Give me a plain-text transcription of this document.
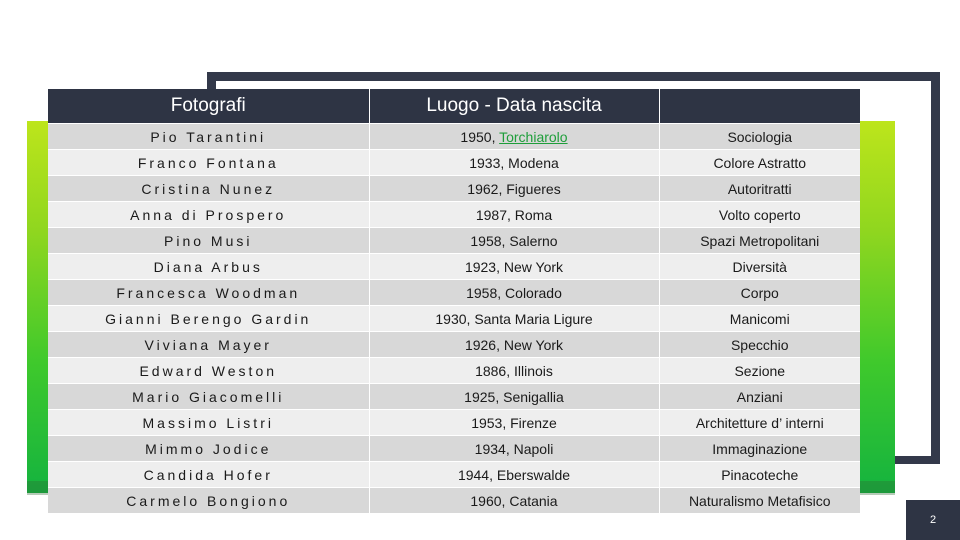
Fotografi	Luogo - Data nascita	
Pio Tarantini	1950, Torchiarolo	Sociologia
Franco Fontana	1933, Modena	Colore Astratto
Cristina Nunez	1962, Figueres	Autoritratti
Anna di Prospero	1987, Roma	Volto coperto
Pino Musi	1958, Salerno	Spazi Metropolitani
Diana Arbus	1923, New York	Diversità
Francesca Woodman	1958, Colorado	Corpo
Gianni Berengo Gardin	1930, Santa Maria Ligure	Manicomi
Viviana Mayer	1926, New York	Specchio
Edward Weston	1886, Illinois	Sezione
Mario Giacomelli	1925, Senigallia	Anziani
Massimo Listri	1953, Firenze	Architetture d’ interni
Mimmo Jodice	1934, Napoli	Immaginazione
Candida Hofer	1944, Eberswalde	Pinacoteche
Carmelo Bongiono	1960, Catania	Naturalismo Metafisico
2
